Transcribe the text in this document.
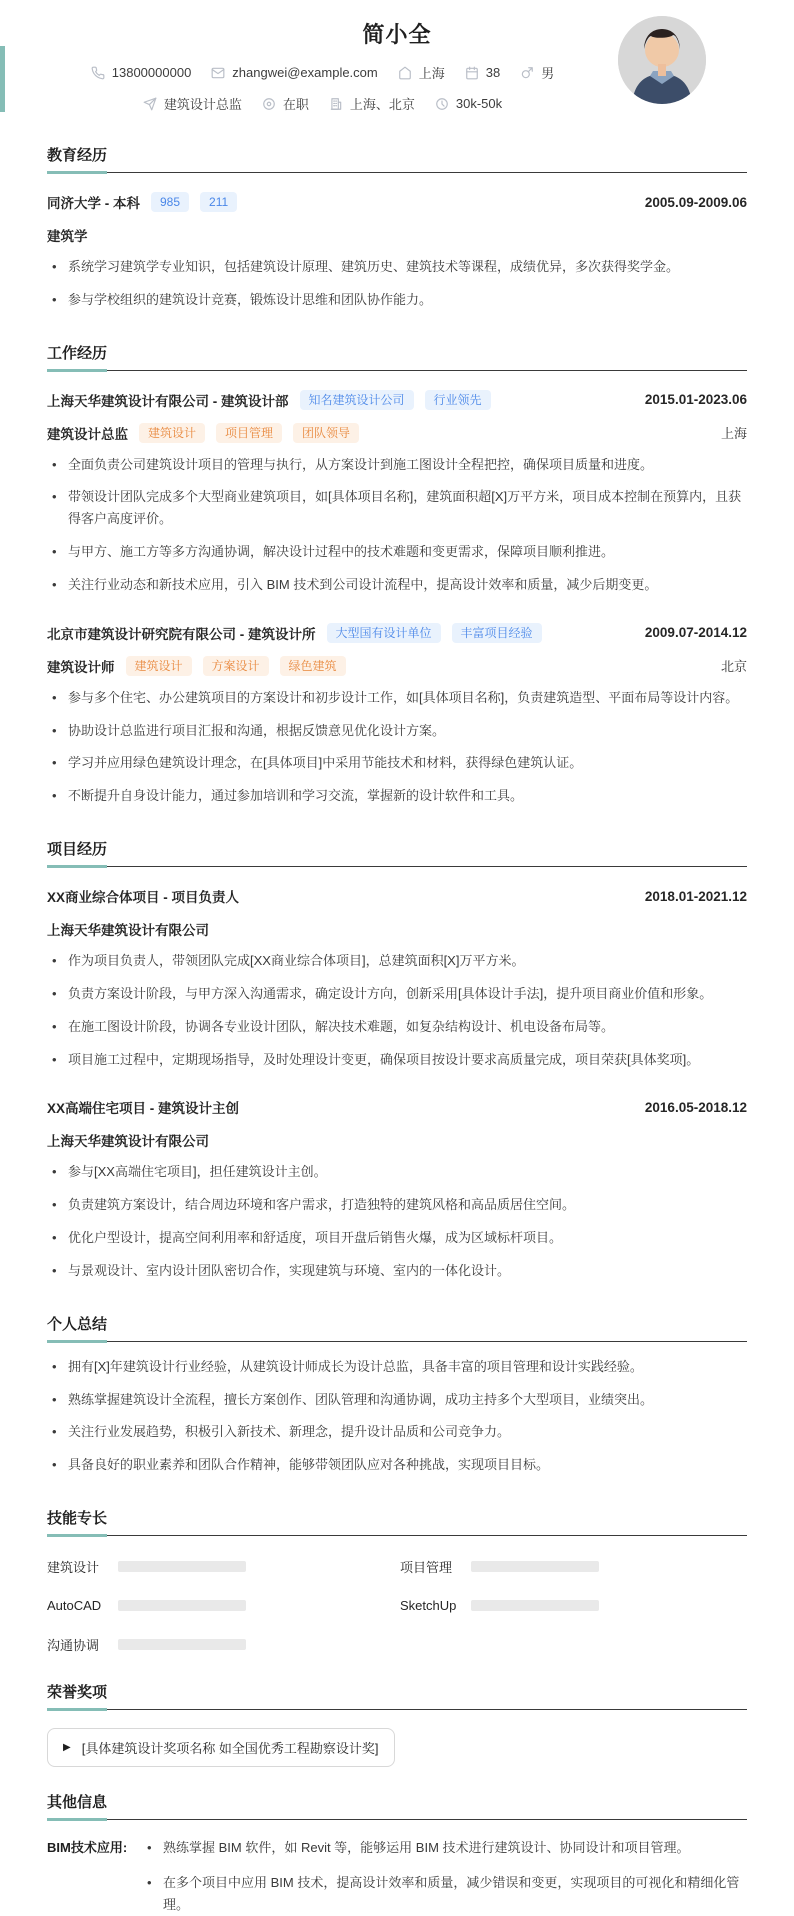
简小全
13800000000	zhangwei@example.com	上海	38	男
建筑设计总监	在职	上海、北京	30k-50k
教育经历
同济大学 - 本科	985	211	2005.09-2009.06
建筑学
• 系统学习建筑学专业知识，包括建筑设计原理、建筑历史、建筑技术等课程，成绩优异，多次获得奖学金。
• 参与学校组织的建筑设计竞赛，锻炼设计思维和团队协作能力。
工作经历
上海天华建筑设计有限公司 - 建筑设计部	知名建筑设计公司	行业领先	2015.01-2023.06
建筑设计总监	建筑设计	项目管理	团队领导	上海
• 全面负责公司建筑设计项目的管理与执行，从方案设计到施工图设计全程把控，确保项目质量和进度。
• 带领设计团队完成多个大型商业建筑项目，如[具体项目名称]，建筑面积超[X]万平方米，项目成本控制在预算内，且获得客户高度评价。
• 与甲方、施工方等多方沟通协调，解决设计过程中的技术难题和变更需求，保障项目顺利推进。
• 关注行业动态和新技术应用，引入 BIM 技术到公司设计流程中，提高设计效率和质量，减少后期变更。
北京市建筑设计研究院有限公司 - 建筑设计所	大型国有设计单位	丰富项目经验	2009.07-2014.12
建筑设计师	建筑设计	方案设计	绿色建筑	北京
• 参与多个住宅、办公建筑项目的方案设计和初步设计工作，如[具体项目名称]，负责建筑造型、平面布局等设计内容。
• 协助设计总监进行项目汇报和沟通，根据反馈意见优化设计方案。
• 学习并应用绿色建筑设计理念，在[具体项目]中采用节能技术和材料，获得绿色建筑认证。
• 不断提升自身设计能力，通过参加培训和学习交流，掌握新的设计软件和工具。
项目经历
XX商业综合体项目 - 项目负责人	2018.01-2021.12
上海天华建筑设计有限公司
• 作为项目负责人，带领团队完成[XX商业综合体项目]，总建筑面积[X]万平方米。
• 负责方案设计阶段，与甲方深入沟通需求，确定设计方向，创新采用[具体设计手法]，提升项目商业价值和形象。
• 在施工图设计阶段，协调各专业设计团队，解决技术难题，如复杂结构设计、机电设备布局等。
• 项目施工过程中，定期现场指导，及时处理设计变更，确保项目按设计要求高质量完成，项目荣获[具体奖项]。
XX高端住宅项目 - 建筑设计主创	2016.05-2018.12
上海天华建筑设计有限公司
• 参与[XX高端住宅项目]，担任建筑设计主创。
• 负责建筑方案设计，结合周边环境和客户需求，打造独特的建筑风格和高品质居住空间。
• 优化户型设计，提高空间利用率和舒适度，项目开盘后销售火爆，成为区域标杆项目。
• 与景观设计、室内设计团队密切合作，实现建筑与环境、室内的一体化设计。
个人总结
• 拥有[X]年建筑设计行业经验，从建筑设计师成长为设计总监，具备丰富的项目管理和设计实践经验。
• 熟练掌握建筑设计全流程，擅长方案创作、团队管理和沟通协调，成功主持多个大型项目，业绩突出。
• 关注行业发展趋势，积极引入新技术、新理念，提升设计品质和公司竞争力。
• 具备良好的职业素养和团队合作精神，能够带领团队应对各种挑战，实现项目目标。
技能专长
建筑设计	项目管理
AutoCAD	SketchUp
沟通协调
荣誉奖项
▶ [具体建筑设计奖项名称 如全国优秀工程勘察设计奖]
其他信息
BIM技术应用:	• 熟练掌握 BIM 软件，如 Revit 等，能够运用 BIM 技术进行建筑设计、协同设计和项目管理。
• 在多个项目中应用 BIM 技术，提高设计效率和质量，减少错误和变更，实现项目的可视化和精细化管理。
